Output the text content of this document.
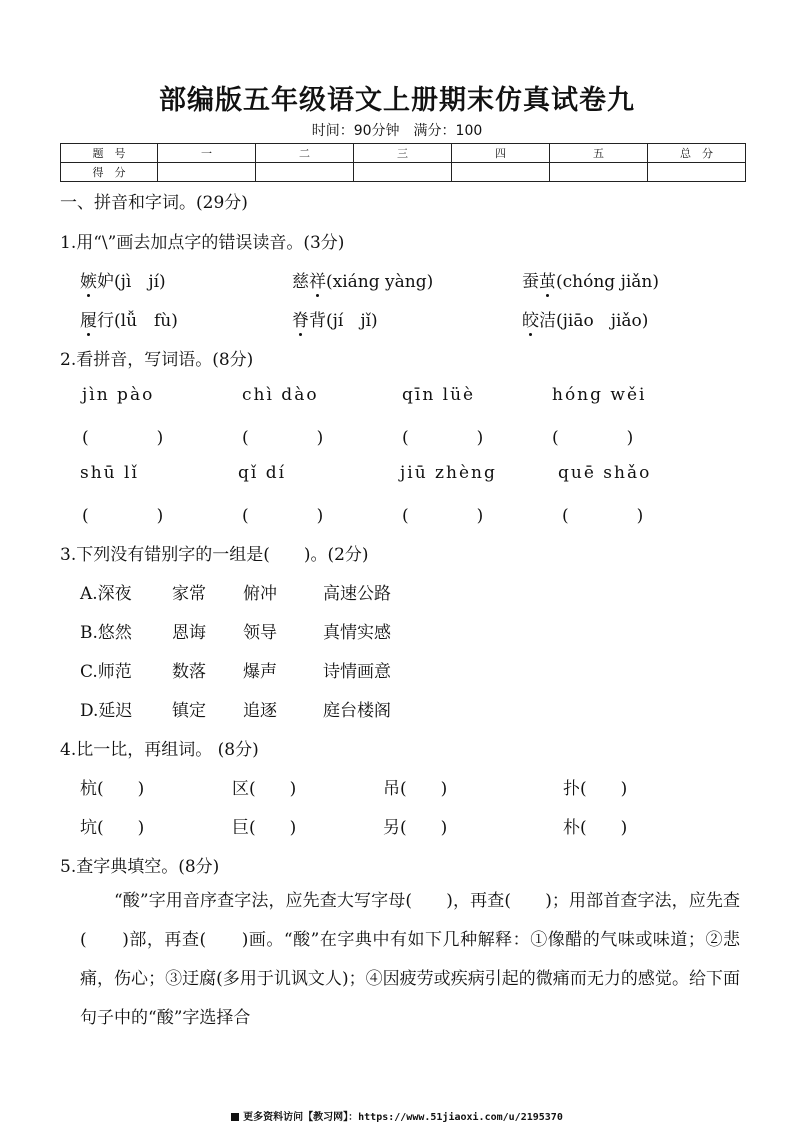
部编版五年级语文上册期末仿真试卷九
时间：90分钟　满分：100
题　号	一	二	三	四	五	总　分
得　分						
一、拼音和字词。(29分)
1.用“\”画去加点字的错误读音。(3分)
嫉妒(jì　jí)	慈祥(xiáng yàng)	蚕茧(chóng jiǎn)
履行(lǚ　fù)	脊背(jí　jǐ)	皎洁(jiāo　jiǎo)
2.看拼音，写词语。(8分)
jìn pào	chì dào	qīn lüè	hóng wěi
(　　　　)	(　　　　)	(　　　　)	(　　　　)
shū lǐ	qǐ dí	jiū zhèng	quē shǎo
(　　　　)	(　　　　)	(　　　　)	(　　　　)
3.下列没有错别字的一组是(　　)。(2分)
A.深夜 家常 俯冲	高速公路
B.悠然 恩诲 领导	真情实感
C.师范 数落 爆声	诗情画意
D.延迟 镇定 追逐	庭台楼阁
4.比一比，再组词。 (8分)
杭(　　)	区(　　)	吊(　　)	扑(　　)
坑(　　)	巨(　　)	另(　　)	朴(　　)
5.查字典填空。(8分)

“酸”字用音序查字法，应先查大写字母(　　)，再查(　　)；用部首查字法，应先查(　　)部，再查(　　)画。“酸”在字典中有如下几种解释：①像醋的气味或味道；②悲痛，伤心；③迂腐(多用于讥讽文人)；④因疲劳或疾病引起的微痛而无力的感觉。给下面句子中的“酸”字选择合

更多资料访问【教习网】：https://www.51jiaoxi.com/u/2195370
